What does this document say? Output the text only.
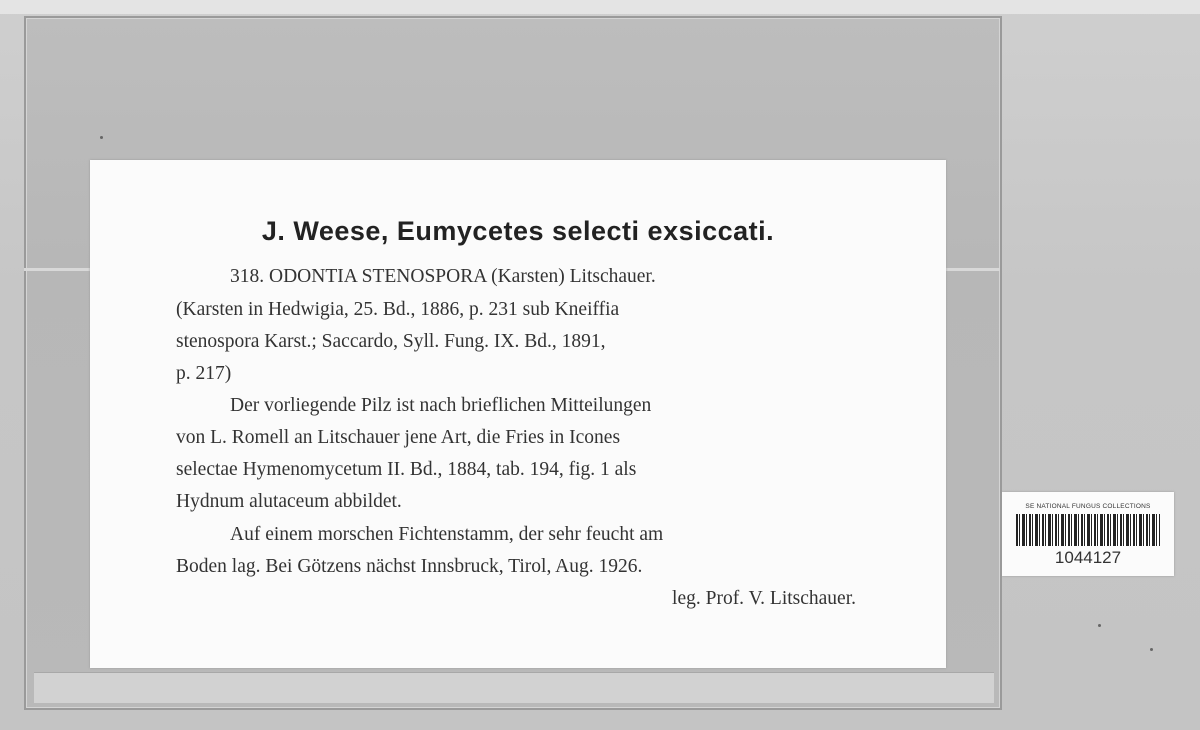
J. Weese, Eumycetes selecti exsiccati.
318. ODONTIA STENOSPORA (Karsten) Litschauer.
(Karsten in Hedwigia, 25. Bd., 1886, p. 231 sub Kneiffia
stenospora Karst.; Saccardo, Syll. Fung. IX. Bd., 1891,
p. 217)
Der vorliegende Pilz ist nach brieflichen Mitteilungen
von L. Romell an Litschauer jene Art, die Fries in Icones
selectae Hymenomycetum II. Bd., 1884, tab. 194, fig. 1 als
Hydnum alutaceum abbildet.
Auf einem morschen Fichtenstamm, der sehr feucht am
Boden lag. Bei Götzens nächst Innsbruck, Tirol, Aug. 1926.
leg. Prof. V. Litschauer.
SE NATIONAL FUNGUS COLLECTIONS
1044127
